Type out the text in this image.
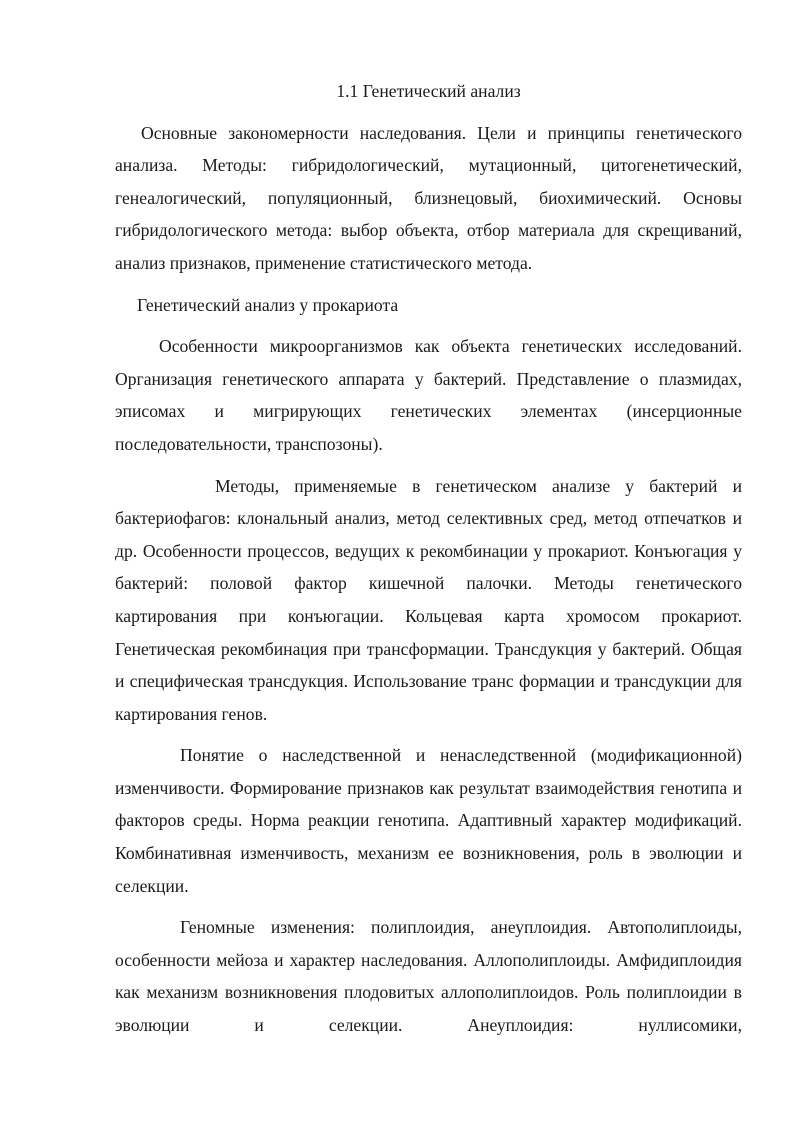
1.1 Генетический анализ

Основные закономерности наследования. Цели и принципы генетического анализа. Методы: гибридологический, мутационный, цитогенетический, генеалогический, популяционный, близнецовый, биохимический. Основы гибридологического метода: выбор объекта, отбор материала для скрещиваний, анализ признаков, применение статистического метода.

Генетический анализ у прокариота

Особенности микроорганизмов как объекта генетических исследований. Организация генетического аппарата у бактерий. Представление о плазмидах, эписомах и мигрирующих генетических элементах (инсерционные последовательности, транспозоны).

Методы, применяемые в генетическом анализе у бактерий и бактериофагов: клональный анализ, метод селективных сред, метод отпечатков и др. Особенности процессов, ведущих к рекомбинации у прокариот. Конъюгация у бактерий: половой фактор кишечной палочки. Методы генетического картирования при конъюгации. Кольцевая карта хромосом прокариот. Генетическая рекомбинация при трансформации. Трансдукция у бактерий. Общая и специфическая трансдукция. Использование транс формации и трансдукции для картирования генов.

Понятие о наследственной и ненаследственной (модификационной) изменчивости. Формирование признаков как результат взаимодействия генотипа и факторов среды. Норма реакции генотипа. Адаптивный характер модификаций. Комбинативная изменчивость, механизм ее возникновения, роль в эволюции и селекции.

Геномные изменения: полиплоидия, анеуплоидия. Автополиплоиды, особенности мейоза и характер наследования. Аллополиплоиды. Амфидиплоидия как механизм возникновения плодовитых аллополиплоидов. Роль полиплоидии в эволюции и селекции. Анеуплоидия: нуллисомики,
